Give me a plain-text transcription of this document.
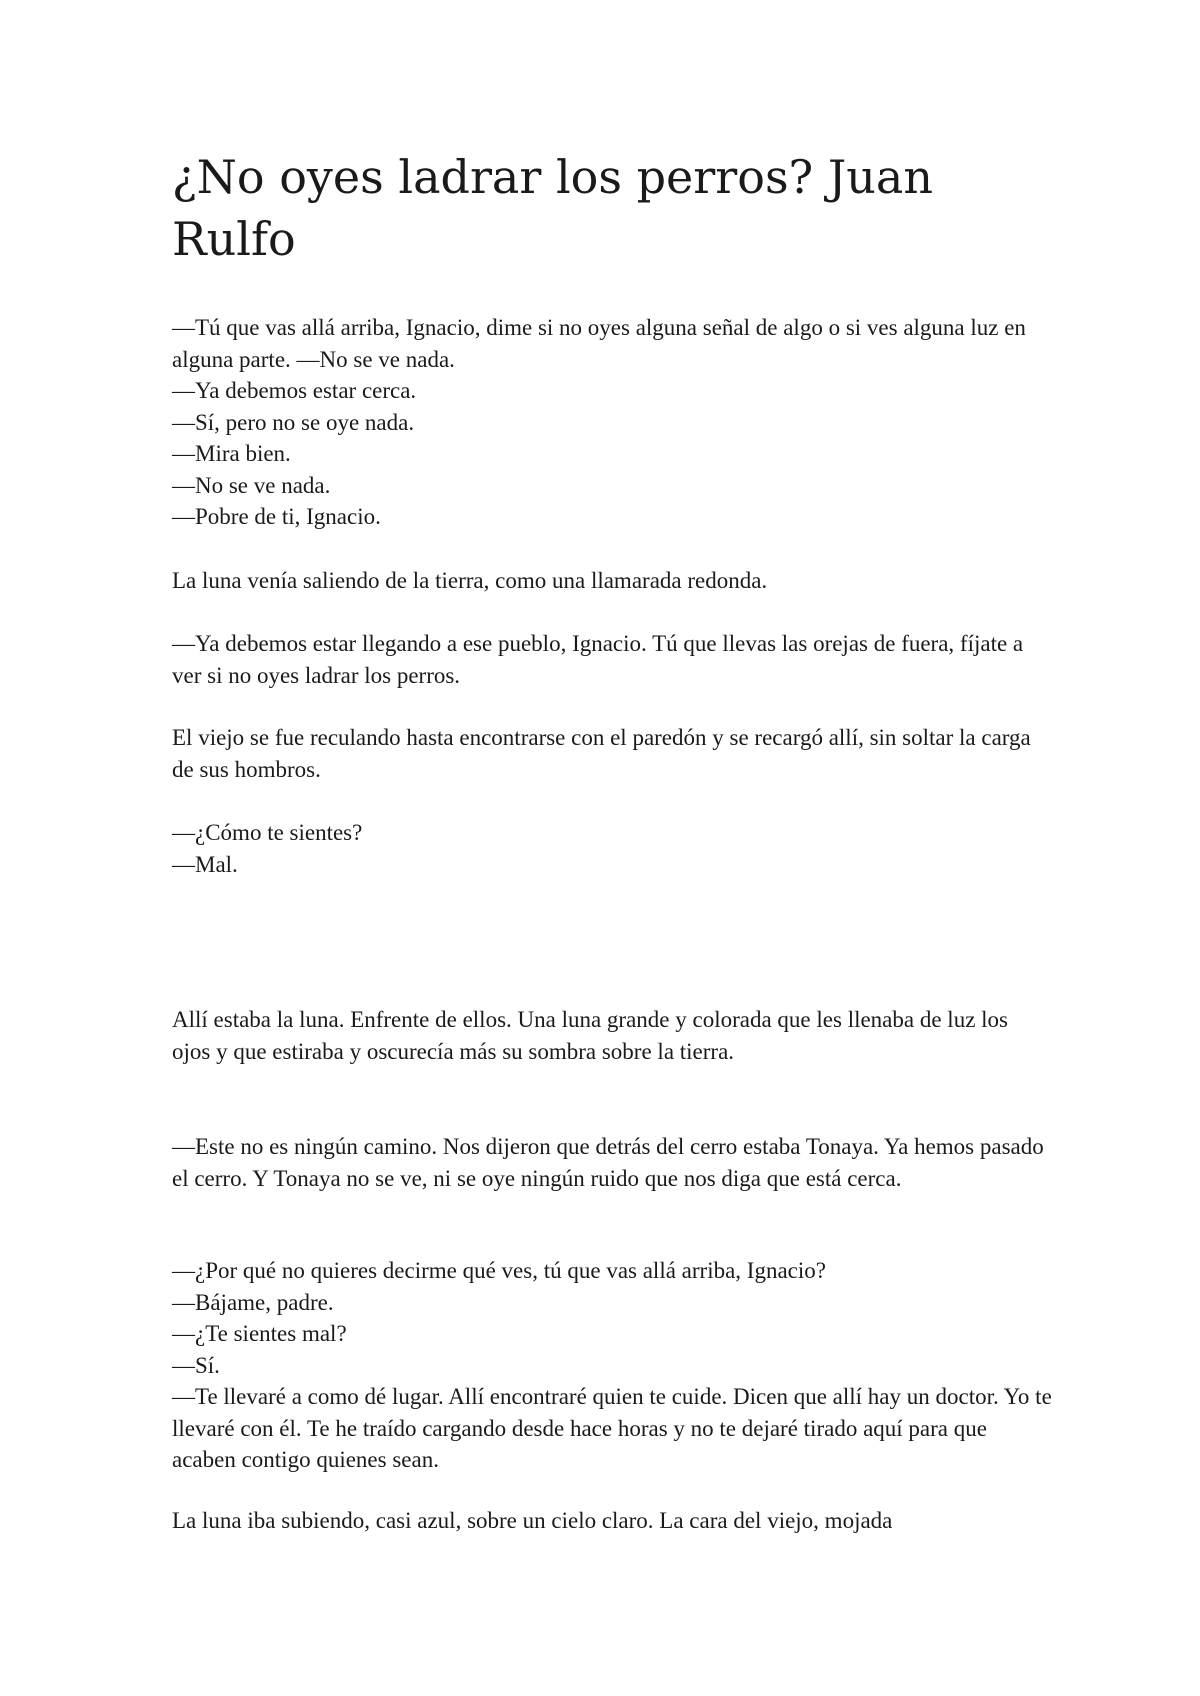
¿No oyes ladrar los perros? Juan Rulfo

—Tú que vas allá arriba, Ignacio, dime si no oyes alguna señal de algo o si ves alguna luz en alguna parte. —No se ve nada.

—Ya debemos estar cerca.

—Sí, pero no se oye nada.

—Mira bien.

—No se ve nada.

—Pobre de ti, Ignacio.

La luna venía saliendo de la tierra, como una llamarada redonda.

—Ya debemos estar llegando a ese pueblo, Ignacio. Tú que llevas las orejas de fuera, fíjate a ver si no oyes ladrar los perros.

El viejo se fue reculando hasta encontrarse con el paredón y se recargó allí, sin soltar la carga de sus hombros.

—¿Cómo te sientes?

—Mal.

Allí estaba la luna. Enfrente de ellos. Una luna grande y colorada que les llenaba de luz los ojos y que estiraba y oscurecía más su sombra sobre la tierra.

—Este no es ningún camino. Nos dijeron que detrás del cerro estaba Tonaya. Ya hemos pasado el cerro. Y Tonaya no se ve, ni se oye ningún ruido que nos diga que está cerca.

—¿Por qué no quieres decirme qué ves, tú que vas allá arriba, Ignacio?

—Bájame, padre.

—¿Te sientes mal?

—Sí.

—Te llevaré a como dé lugar. Allí encontraré quien te cuide. Dicen que allí hay un doctor. Yo te llevaré con él. Te he traído cargando desde hace horas y no te dejaré tirado aquí para que acaben contigo quienes sean.

La luna iba subiendo, casi azul, sobre un cielo claro. La cara del viejo, mojada
